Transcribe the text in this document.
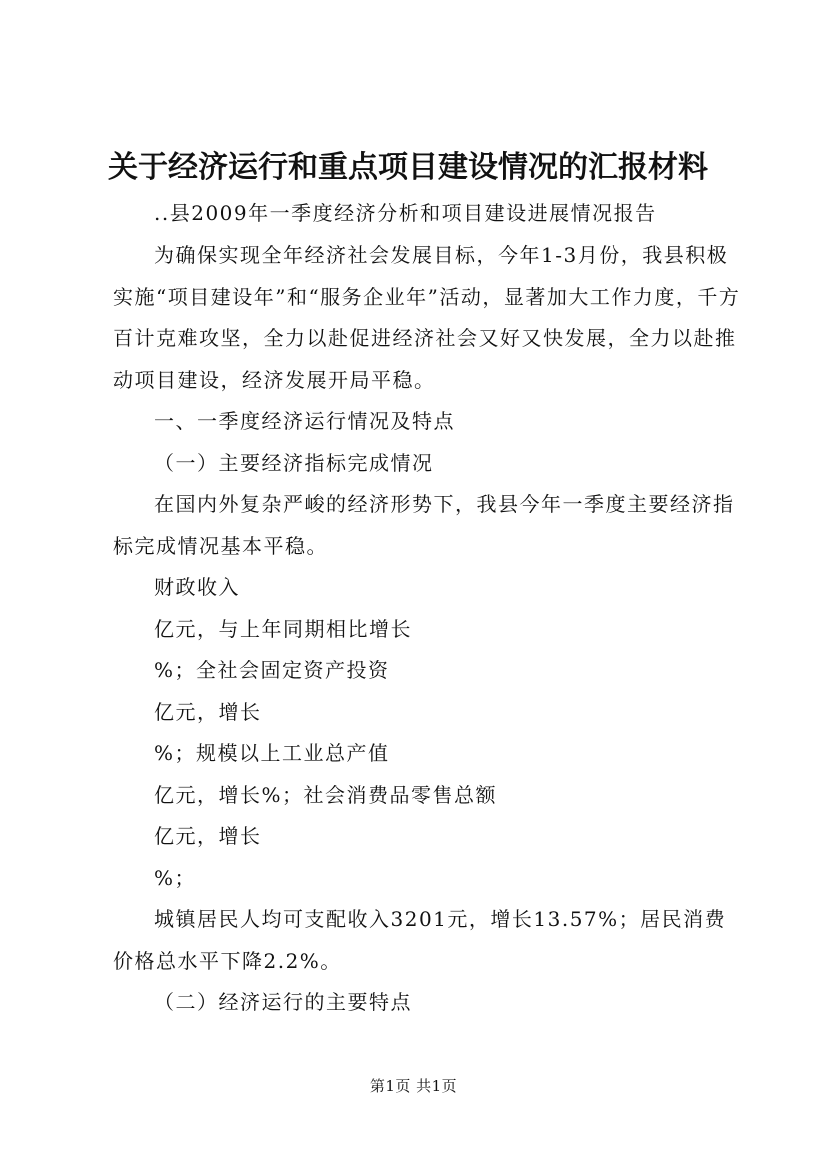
关于经济运行和重点项目建设情况的汇报材料
..县2009年一季度经济分析和项目建设进展情况报告
为确保实现全年经济社会发展目标，今年1-3月份，我县积极实施“项目建设年”和“服务企业年”活动，显著加大工作力度，千方百计克难攻坚，全力以赴促进经济社会又好又快发展，全力以赴推动项目建设，经济发展开局平稳。
一、一季度经济运行情况及特点
（一）主要经济指标完成情况
在国内外复杂严峻的经济形势下，我县今年一季度主要经济指标完成情况基本平稳。
财政收入
亿元，与上年同期相比增长
%；全社会固定资产投资
亿元，增长
%；规模以上工业总产值
亿元，增长%；社会消费品零售总额
亿元，增长
%；
城镇居民人均可支配收入3201元，增长13.57%；居民消费价格总水平下降2.2%。
（二）经济运行的主要特点
第1页 共1页
